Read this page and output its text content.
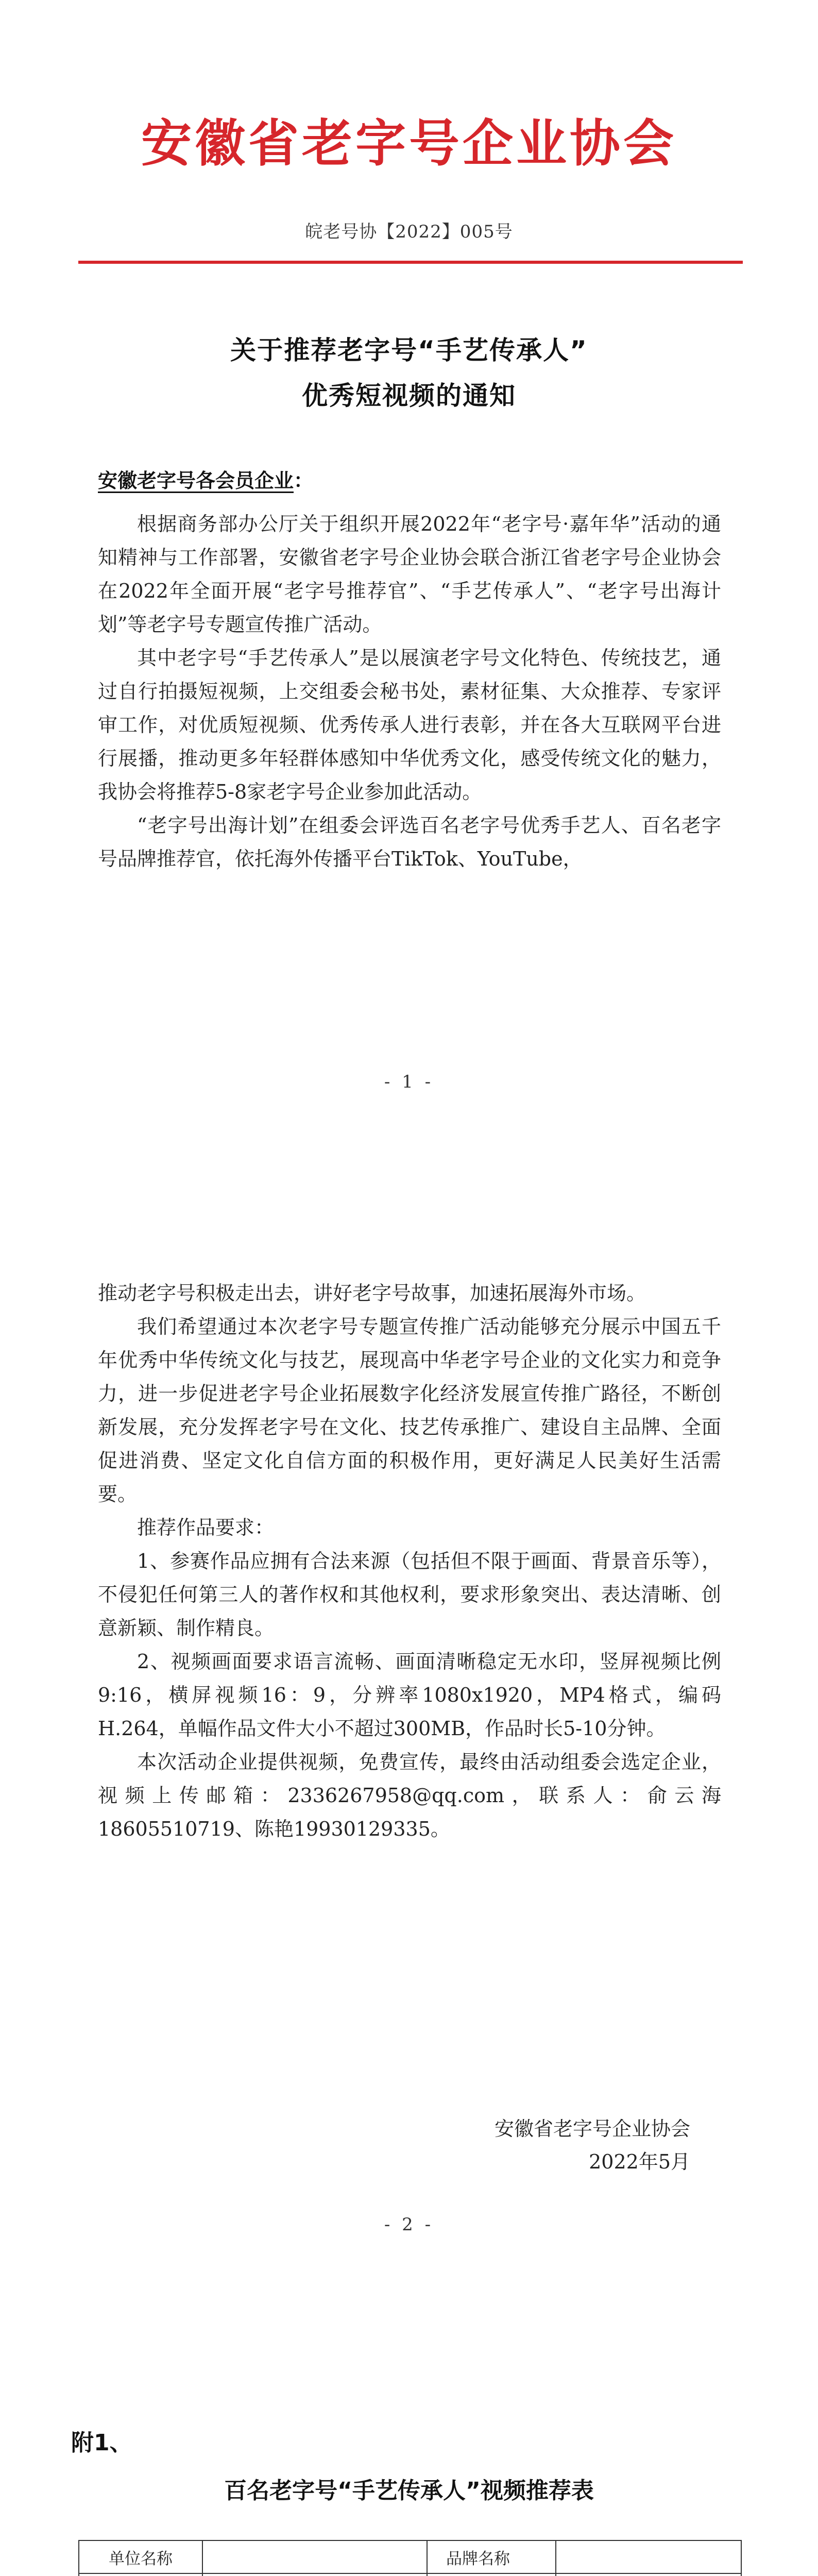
安徽省老字号企业协会
皖老号协【2022】005号
关于推荐老字号“手艺传承人”
优秀短视频的通知
安徽老字号各会员企业：

根据商务部办公厅关于组织开展2022年“老字号·嘉年华”活动的通知精神与工作部署，安徽省老字号企业协会联合浙江省老字号企业协会在2022年全面开展“老字号推荐官”、“手艺传承人”、“老字号出海计划”等老字号专题宣传推广活动。

其中老字号“手艺传承人”是以展演老字号文化特色、传统技艺，通过自行拍摄短视频，上交组委会秘书处，素材征集、大众推荐、专家评审工作，对优质短视频、优秀传承人进行表彰，并在各大互联网平台进行展播，推动更多年轻群体感知中华优秀文化，感受传统文化的魅力，我协会将推荐5-8家老字号企业参加此活动。

“老字号出海计划”在组委会评选百名老字号优秀手艺人、百名老字号品牌推荐官，依托海外传播平台TikTok、YouTube，

- 1 -

推动老字号积极走出去，讲好老字号故事，加速拓展海外市场。

我们希望通过本次老字号专题宣传推广活动能够充分展示中国五千年优秀中华传统文化与技艺，展现高中华老字号企业的文化实力和竞争力，进一步促进老字号企业拓展数字化经济发展宣传推广路径，不断创新发展，充分发挥老字号在文化、技艺传承推广、建设自主品牌、全面促进消费、坚定文化自信方面的积极作用，更好满足人民美好生活需要。

推荐作品要求：

1、参赛作品应拥有合法来源（包括但不限于画面、背景音乐等），不侵犯任何第三人的著作权和其他权利，要求形象突出、表达清晰、创意新颖、制作精良。

2、视频画面要求语言流畅、画面清晰稳定无水印，竖屏视频比例9:16，横屏视频16：9，分辨率1080x1920，MP4格式，编码H.264，单幅作品文件大小不超过300MB，作品时长5-10分钟。

本次活动企业提供视频，免费宣传，最终由活动组委会选定企业，视频上传邮箱：2336267958@qq.com，联系人：俞云海18605510719、陈艳19930129335。

安徽省老字号企业协会
2022年5月
- 2 -
附1、
百名老字号“手艺传承人”视频推荐表
单位名称		品牌名称	
